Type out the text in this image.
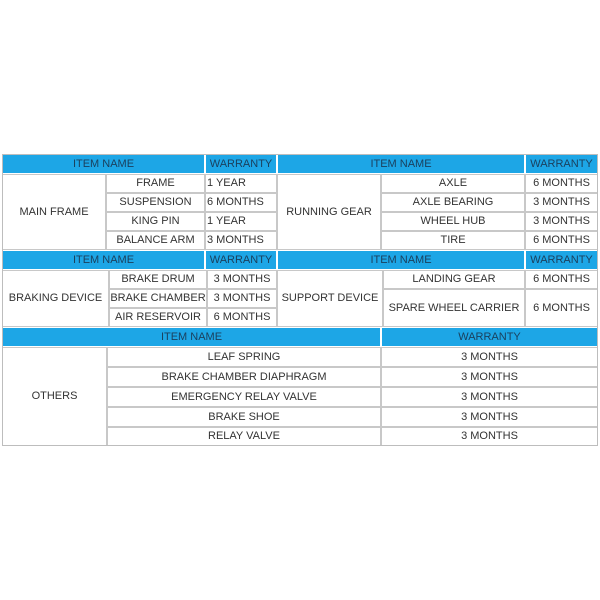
ITEM NAME	WARRANTY	ITEM NAME	WARRANTY
MAIN FRAME
FRAME	1 YEAR
SUSPENSION	6 MONTHS
KING PIN	1 YEAR
BALANCE ARM	3 MONTHS
RUNNING GEAR
AXLE	6 MONTHS
AXLE BEARING	3 MONTHS
WHEEL HUB	3 MONTHS
TIRE	6 MONTHS
ITEM NAME	WARRANTY	ITEM NAME	WARRANTY
BRAKING DEVICE
BRAKE DRUM	3 MONTHS
BRAKE CHAMBER 3 MONTHS
AIR RESERVOIR	6 MONTHS
SUPPORT DEVICE
LANDING GEAR	6 MONTHS
SPARE WHEEL CARRIER	6 MONTHS
ITEM NAME	WARRANTY
OTHERS
LEAF SPRING	3 MONTHS
BRAKE CHAMBER DIAPHRAGM	3 MONTHS
EMERGENCY RELAY VALVE	3 MONTHS
BRAKE SHOE	3 MONTHS
RELAY VALVE	3 MONTHS
